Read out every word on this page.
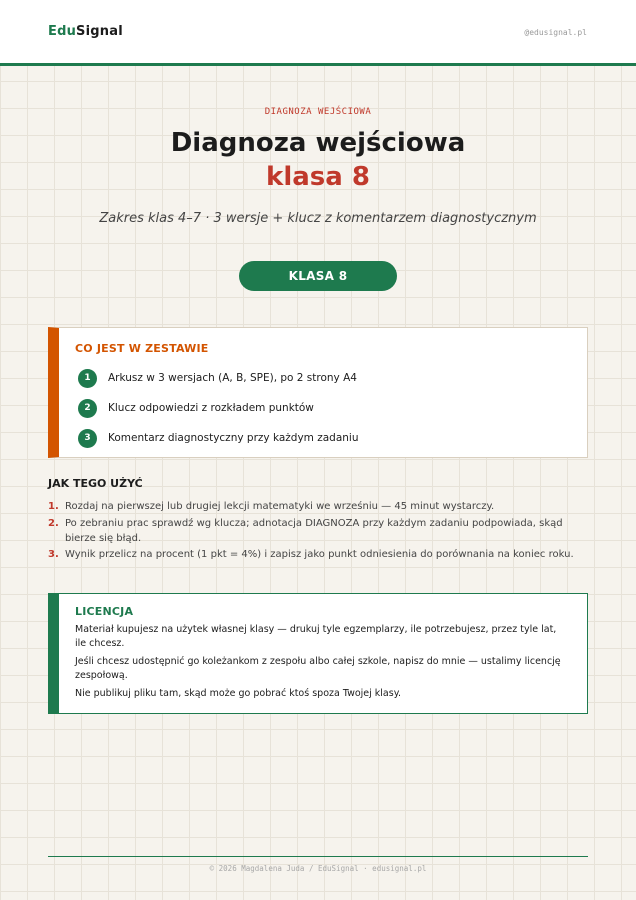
EduSignal	@edusignal.pl
DIAGNOZA WEJŚCIOWA
Diagnoza wejściowa
klasa 8
Zakres klas 4–7 · 3 wersje + klucz z komentarzem diagnostycznym
KLASA 8
CO JEST W ZESTAWIE
1	Arkusz w 3 wersjach (A, B, SPE), po 2 strony A4
2	Klucz odpowiedzi z rozkładem punktów
3	Komentarz diagnostyczny przy każdym zadaniu
JAK TEGO UŻYĆ
1. Rozdaj na pierwszej lub drugiej lekcji matematyki we wrześniu — 45 minut wystarczy.
2. Po zebraniu prac sprawdź wg klucza; adnotacja DIAGNOZA przy każdym zadaniu podpowiada, skąd bierze się błąd.
3. Wynik przelicz na procent (1 pkt = 4%) i zapisz jako punkt odniesienia do porównania na koniec roku.
LICENCJA
Materiał kupujesz na użytek własnej klasy — drukuj tyle egzemplarzy, ile potrzebujesz, przez tyle lat, ile chcesz.
Jeśli chcesz udostępnić go koleżankom z zespołu albo całej szkole, napisz do mnie — ustalimy licencję zespołową.
Nie publikuj pliku tam, skąd może go pobrać ktoś spoza Twojej klasy.
© 2026 Magdalena Juda / EduSignal · edusignal.pl
